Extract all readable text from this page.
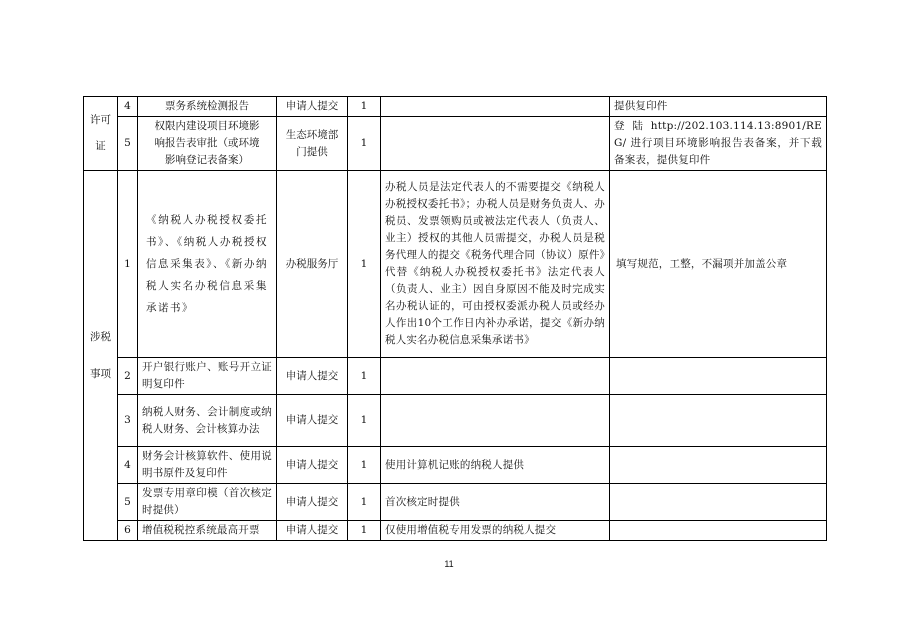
许可
证	4	票务系统检测报告	申请人提交	1		提供复印件
	5	权限内建设项目环境影响报告表审批（或环境影响登记表备案）	生态环境部门提供	1		登 陆 http://202.103.114.13:8901/REG/ 进行项目环境影响报告表备案，并下载备案表，提供复印件

涉税
事项	1	《纳税人办税授权委托书》、《纳税人办税授权信息采集表》、《新办纳税人实名办税信息采集承诺书》	办税服务厅	1	办税人员是法定代表人的不需要提交《纳税人办税授权委托书》；办税人员是财务负责人、办税员、发票领购员或被法定代表人（负责人、业主）授权的其他人员需提交，办税人员是税务代理人的提交《税务代理合同（协议）原件》代替《纳税人办税授权委托书》法定代表人（负责人、业主）因自身原因不能及时完成实名办税认证的，可由授权委派办税人员或经办人作出10个工作日内补办承诺，提交《新办纳税人实名办税信息采集承诺书》	填写规范，工整，不漏项并加盖公章
	2	开户银行账户、账号开立证明复印件	申请人提交	1		
	3	纳税人财务、会计制度或纳税人财务、会计核算办法	申请人提交	1		
	4	财务会计核算软件、使用说明书原件及复印件	申请人提交	1	使用计算机记账的纳税人提供	
	5	发票专用章印模（首次核定时提供）	申请人提交	1	首次核定时提供	
	6	增值税税控系统最高开票	申请人提交	1	仅使用增值税专用发票的纳税人提交	
11
